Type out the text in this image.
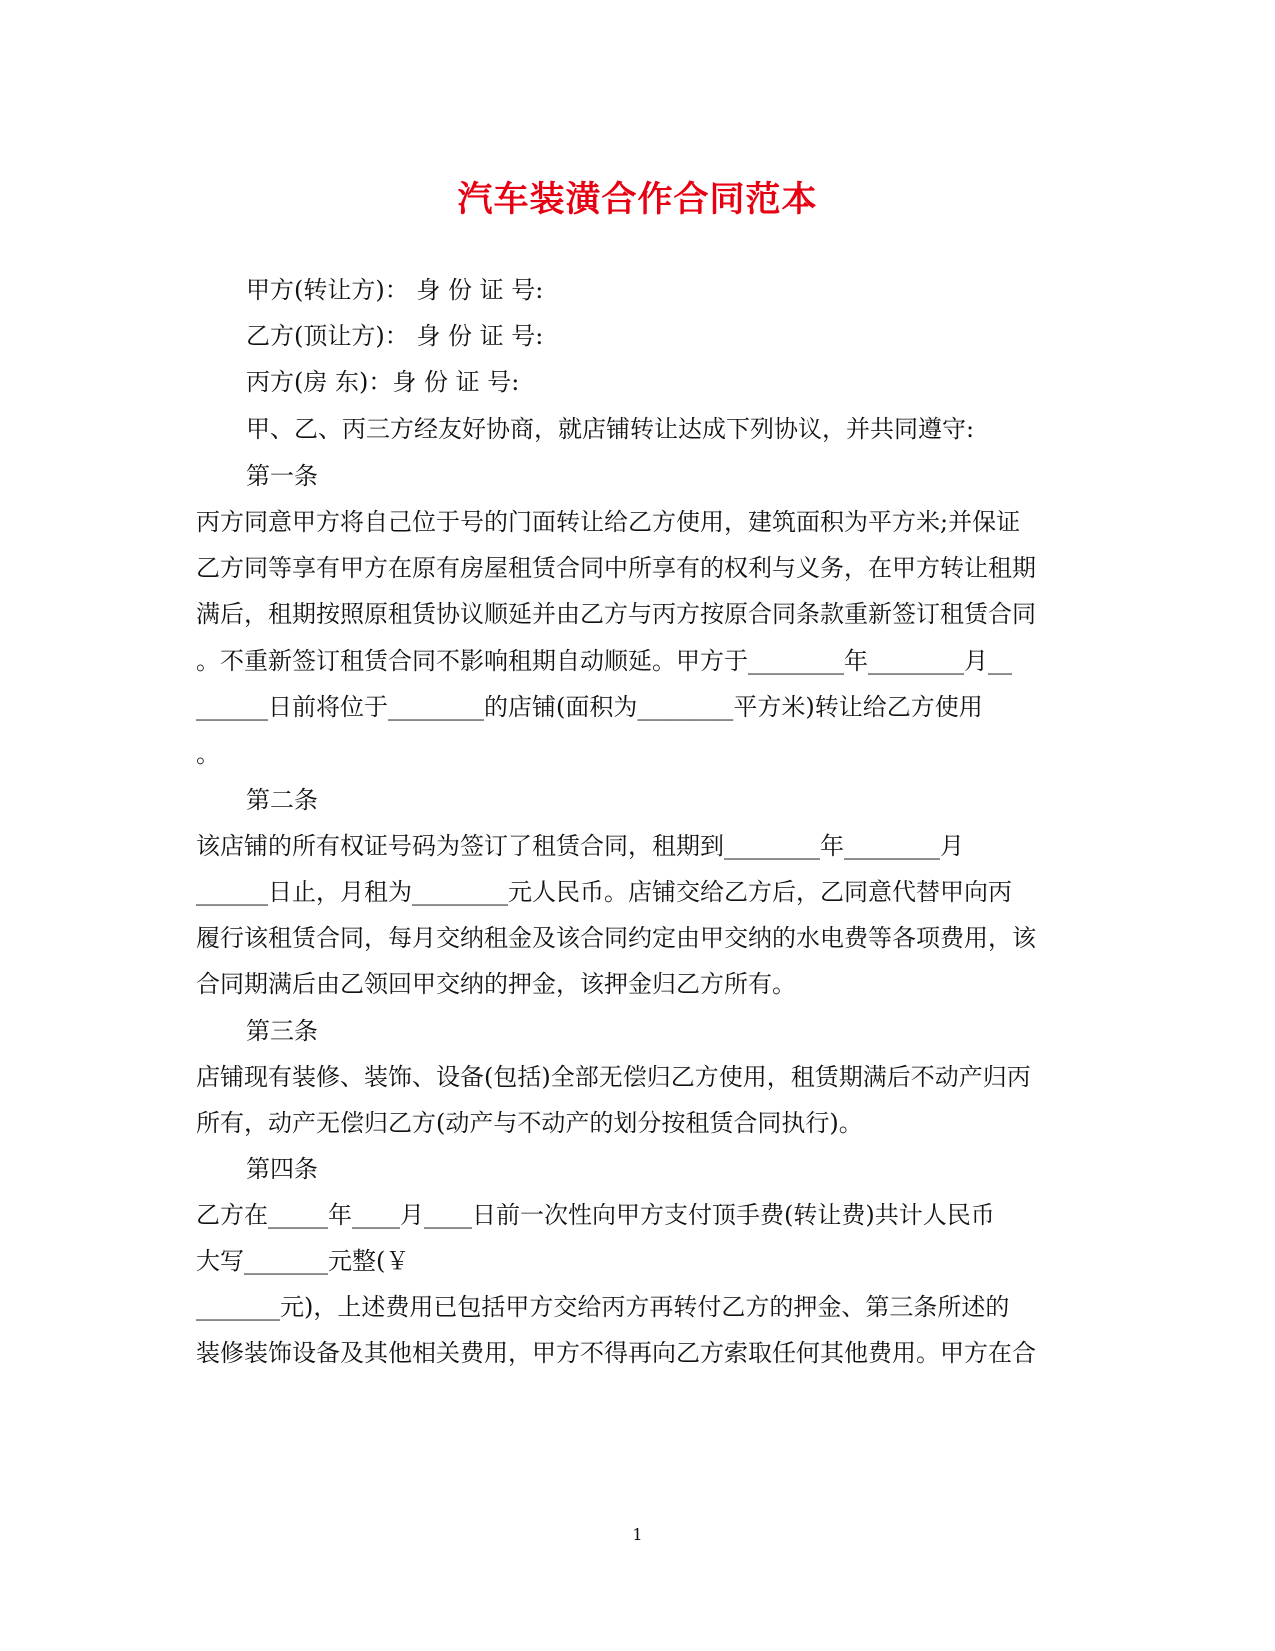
汽车装潢合作合同范本

甲方(转让方)： 身 份 证 号:

乙方(顶让方)： 身 份 证 号:

丙方(房 东)：身 份 证 号:

甲、乙、丙三方经友好协商，就店铺转让达成下列协议，并共同遵守:

第一条

丙方同意甲方将自己位于号的门面转让给乙方使用，建筑面积为平方米;并保证

乙方同等享有甲方在原有房屋租赁合同中所享有的权利与义务，在甲方转让租期

满后，租期按照原租赁协议顺延并由乙方与丙方按原合同条款重新签订租赁合同

。不重新签订租赁合同不影响租期自动顺延。甲方于________年________月__

______日前将位于________的店铺(面积为________平方米)转让给乙方使用

。

第二条

该店铺的所有权证号码为签订了租赁合同，租期到________年________月

______日止，月租为________元人民币。店铺交给乙方后，乙同意代替甲向丙

履行该租赁合同，每月交纳租金及该合同约定由甲交纳的水电费等各项费用，该

合同期满后由乙领回甲交纳的押金，该押金归乙方所有。

第三条

店铺现有装修、装饰、设备(包括)全部无偿归乙方使用，租赁期满后不动产归丙

所有，动产无偿归乙方(动产与不动产的划分按租赁合同执行)。

第四条

乙方在_____年____月____日前一次性向甲方支付顶手费(转让费)共计人民币

大写_______元整(￥

_______元)，上述费用已包括甲方交给丙方再转付乙方的押金、第三条所述的

装修装饰设备及其他相关费用，甲方不得再向乙方索取任何其他费用。甲方在合

1
